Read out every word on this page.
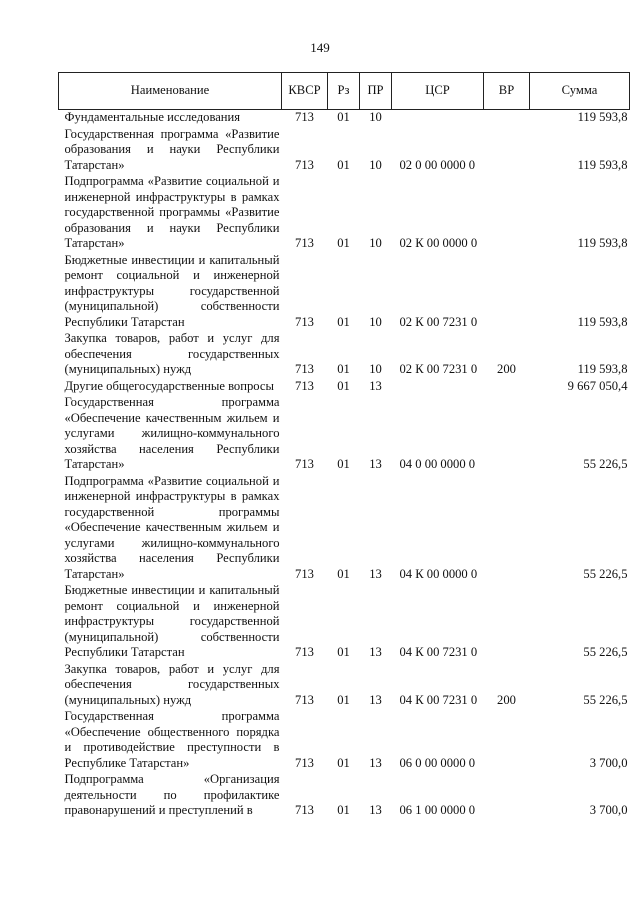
149
Наименование	КВСР	Рз	ПР	ЦСР	ВР	Сумма
Фундаментальные исследования	713	01	10			119 593,8
Государственная программа «Развитие образования и науки Республики Татарстан»	713	01	10	02 0 00 0000 0		119 593,8
Подпрограмма «Развитие социальной и инженерной инфраструктуры в рамках государственной программы «Развитие образования и науки Республики Татарстан»	713	01	10	02 К 00 0000 0		119 593,8
Бюджетные инвестиции и капитальный ремонт социальной и инженерной инфраструктуры государственной (муниципальной) собственности Республики Татарстан	713	01	10	02 К 00 7231 0		119 593,8
Закупка товаров, работ и услуг для обеспечения государственных (муниципальных) нужд	713	01	10	02 К 00 7231 0	200	119 593,8
Другие общегосударственные вопросы	713	01	13			9 667 050,4
Государственная программа «Обеспечение качественным жильем и услугами жилищно-коммунального хозяйства населения Республики Татарстан»	713	01	13	04 0 00 0000 0		55 226,5
Подпрограмма «Развитие социальной и инженерной инфраструктуры в рамках государственной программы «Обеспечение качественным жильем и услугами жилищно-коммунального хозяйства населения Республики Татарстан»	713	01	13	04 К 00 0000 0		55 226,5
Бюджетные инвестиции и капитальный ремонт социальной и инженерной инфраструктуры государственной (муниципальной) собственности Республики Татарстан	713	01	13	04 К 00 7231 0		55 226,5
Закупка товаров, работ и услуг для обеспечения государственных (муниципальных) нужд	713	01	13	04 К 00 7231 0	200	55 226,5
Государственная программа «Обеспечение общественного порядка и противодействие преступности в Республике Татарстан»	713	01	13	06 0 00 0000 0		3 700,0
Подпрограмма «Организация деятельности по профилактике правонарушений и преступлений в	713	01	13	06 1 00 0000 0		3 700,0
